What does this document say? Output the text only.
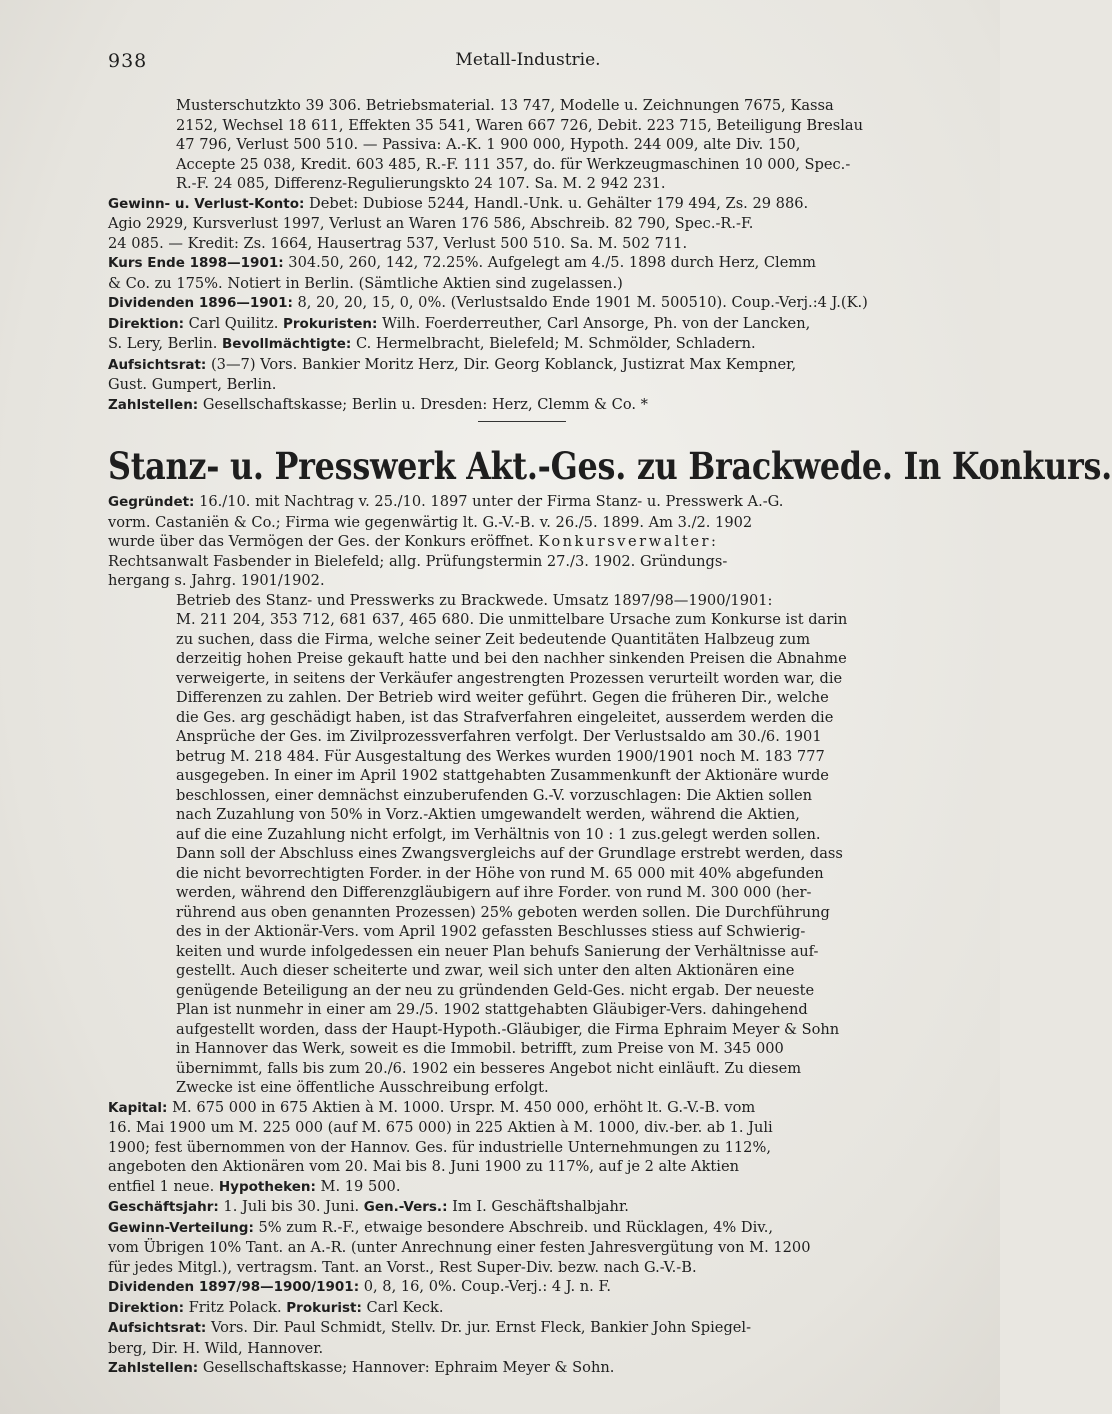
938	Metall-Industrie.

Musterschutzkto 39 306. Betriebsmaterial. 13 747, Modelle u. Zeichnungen 7675, Kassa
2152, Wechsel 18 611, Effekten 35 541, Waren 667 726, Debit. 223 715, Beteiligung Breslau
47 796, Verlust 500 510. — Passiva: A.-K. 1 900 000, Hypoth. 244 009, alte Div. 150,
Accepte 25 038, Kredit. 603 485, R.-F. 111 357, do. für Werkzeugmaschinen 10 000, Spec.-
R.-F. 24 085, Differenz-Regulierungskto 24 107. Sa. M. 2 942 231.

Gewinn- u. Verlust-Konto: Debet: Dubiose 5244, Handl.-Unk. u. Gehälter 179 494, Zs. 29 886.
Agio 2929, Kursverlust 1997, Verlust an Waren 176 586, Abschreib. 82 790, Spec.-R.-F.
24 085. — Kredit: Zs. 1664, Hausertrag 537, Verlust 500 510. Sa. M. 502 711.

Kurs Ende 1898—1901: 304.50, 260, 142, 72.25%. Aufgelegt am 4./5. 1898 durch Herz, Clemm
& Co. zu 175%. Notiert in Berlin. (Sämtliche Aktien sind zugelassen.)

Dividenden 1896—1901: 8, 20, 20, 15, 0, 0%. (Verlustsaldo Ende 1901 M. 500510). Coup.-Verj.:4 J.(K.)

Direktion: Carl Quilitz. Prokuristen: Wilh. Foerderreuther, Carl Ansorge, Ph. von der Lancken,
S. Lery, Berlin. Bevollmächtigte: C. Hermelbracht, Bielefeld; M. Schmölder, Schladern.

Aufsichtsrat: (3—7) Vors. Bankier Moritz Herz, Dir. Georg Koblanck, Justizrat Max Kempner,
Gust. Gumpert, Berlin.

Zahlstellen: Gesellschaftskasse; Berlin u. Dresden: Herz, Clemm & Co. *

Stanz- u. Presswerk Akt.-Ges. zu Brackwede. In Konkurs.

Gegründet: 16./10. mit Nachtrag v. 25./10. 1897 unter der Firma Stanz- u. Presswerk A.-G.
vorm. Castaniën & Co.; Firma wie gegenwärtig lt. G.-V.-B. v. 26./5. 1899. Am 3./2. 1902
wurde über das Vermögen der Ges. der Konkurs eröffnet. Konkursverwalter:
Rechtsanwalt Fasbender in Bielefeld; allg. Prüfungstermin 27./3. 1902. Gründungs-
hergang s. Jahrg. 1901/1902.

Betrieb des Stanz- und Presswerks zu Brackwede. Umsatz 1897/98—1900/1901:
M. 211 204, 353 712, 681 637, 465 680. Die unmittelbare Ursache zum Konkurse ist darin
zu suchen, dass die Firma, welche seiner Zeit bedeutende Quantitäten Halbzeug zum
derzeitig hohen Preise gekauft hatte und bei den nachher sinkenden Preisen die Abnahme
verweigerte, in seitens der Verkäufer angestrengten Prozessen verurteilt worden war, die
Differenzen zu zahlen. Der Betrieb wird weiter geführt. Gegen die früheren Dir., welche
die Ges. arg geschädigt haben, ist das Strafverfahren eingeleitet, ausserdem werden die
Ansprüche der Ges. im Zivilprozessverfahren verfolgt. Der Verlustsaldo am 30./6. 1901
betrug M. 218 484. Für Ausgestaltung des Werkes wurden 1900/1901 noch M. 183 777
ausgegeben. In einer im April 1902 stattgehabten Zusammenkunft der Aktionäre wurde
beschlossen, einer demnächst einzuberufenden G.-V. vorzuschlagen: Die Aktien sollen
nach Zuzahlung von 50% in Vorz.-Aktien umgewandelt werden, während die Aktien,
auf die eine Zuzahlung nicht erfolgt, im Verhältnis von 10 : 1 zus.gelegt werden sollen.
Dann soll der Abschluss eines Zwangsvergleichs auf der Grundlage erstrebt werden, dass
die nicht bevorrechtigten Forder. in der Höhe von rund M. 65 000 mit 40% abgefunden
werden, während den Differenzgläubigern auf ihre Forder. von rund M. 300 000 (her-
rührend aus oben genannten Prozessen) 25% geboten werden sollen. Die Durchführung
des in der Aktionär-Vers. vom April 1902 gefassten Beschlusses stiess auf Schwierig-
keiten und wurde infolgedessen ein neuer Plan behufs Sanierung der Verhältnisse auf-
gestellt. Auch dieser scheiterte und zwar, weil sich unter den alten Aktionären eine
genügende Beteiligung an der neu zu gründenden Geld-Ges. nicht ergab. Der neueste
Plan ist nunmehr in einer am 29./5. 1902 stattgehabten Gläubiger-Vers. dahingehend
aufgestellt worden, dass der Haupt-Hypoth.-Gläubiger, die Firma Ephraim Meyer & Sohn
in Hannover das Werk, soweit es die Immobil. betrifft, zum Preise von M. 345 000
übernimmt, falls bis zum 20./6. 1902 ein besseres Angebot nicht einläuft. Zu diesem
Zwecke ist eine öffentliche Ausschreibung erfolgt.

Kapital: M. 675 000 in 675 Aktien à M. 1000. Urspr. M. 450 000, erhöht lt. G.-V.-B. vom
16. Mai 1900 um M. 225 000 (auf M. 675 000) in 225 Aktien à M. 1000, div.-ber. ab 1. Juli
1900; fest übernommen von der Hannov. Ges. für industrielle Unternehmungen zu 112%,
angeboten den Aktionären vom 20. Mai bis 8. Juni 1900 zu 117%, auf je 2 alte Aktien
entfiel 1 neue. Hypotheken: M. 19 500.

Geschäftsjahr: 1. Juli bis 30. Juni. Gen.-Vers.: Im I. Geschäftshalbjahr.

Gewinn-Verteilung: 5% zum R.-F., etwaige besondere Abschreib. und Rücklagen, 4% Div.,
vom Übrigen 10% Tant. an A.-R. (unter Anrechnung einer festen Jahresvergütung von M. 1200
für jedes Mitgl.), vertragsm. Tant. an Vorst., Rest Super-Div. bezw. nach G.-V.-B.

Dividenden 1897/98—1900/1901: 0, 8, 16, 0%. Coup.-Verj.: 4 J. n. F.

Direktion: Fritz Polack. Prokurist: Carl Keck.

Aufsichtsrat: Vors. Dir. Paul Schmidt, Stellv. Dr. jur. Ernst Fleck, Bankier John Spiegel-
berg, Dir. H. Wild, Hannover.

Zahlstellen: Gesellschaftskasse; Hannover: Ephraim Meyer & Sohn.
